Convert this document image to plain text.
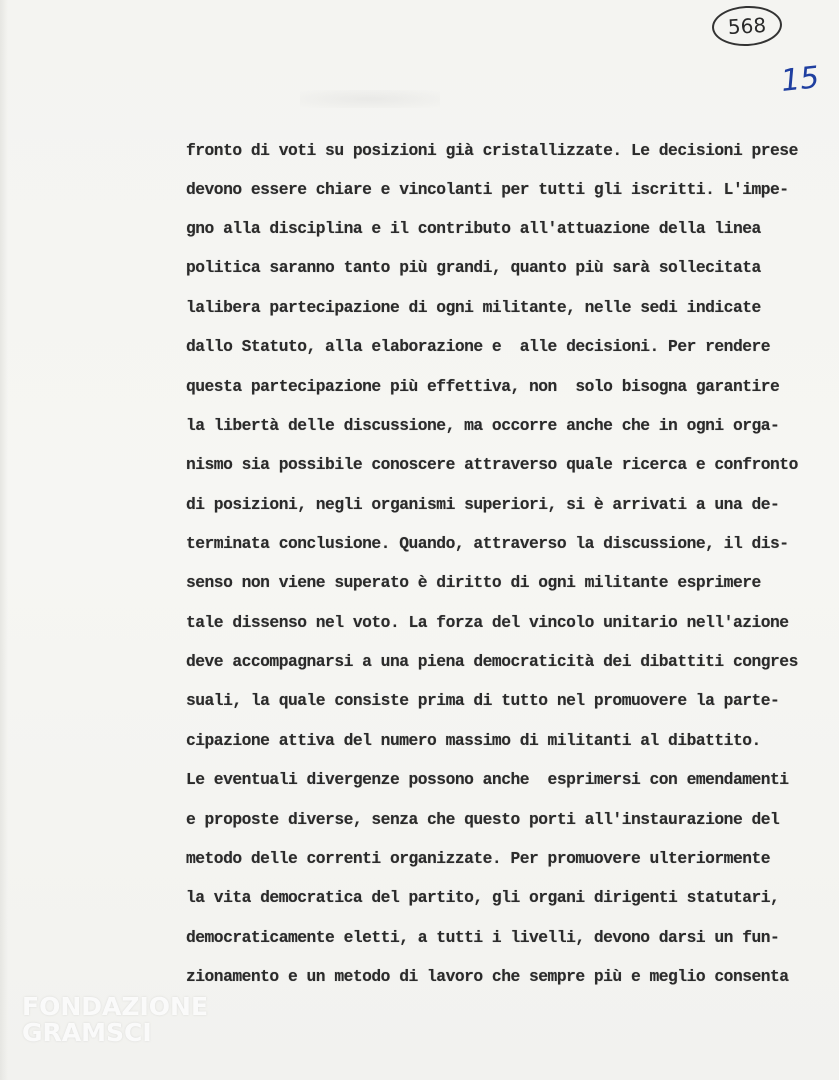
568
15
fronto di voti su posizioni già cristallizzate. Le decisioni prese
devono essere chiare e vincolanti per tutti gli iscritti. L'impe-
gno alla disciplina e il contributo all'attuazione della linea
politica saranno tanto più grandi, quanto più sarà sollecitata
lalibera partecipazione di ogni militante, nelle sedi indicate
dallo Statuto, alla elaborazione e  alle decisioni. Per rendere
questa partecipazione più effettiva, non  solo bisogna garantire
la libertà delle discussione, ma occorre anche che in ogni orga-
nismo sia possibile conoscere attraverso quale ricerca e confronto
di posizioni, negli organismi superiori, si è arrivati a una de-
terminata conclusione. Quando, attraverso la discussione, il dis-
senso non viene superato è diritto di ogni militante esprimere
tale dissenso nel voto. La forza del vincolo unitario nell'azione
deve accompagnarsi a una piena democraticità dei dibattiti congres
suali, la quale consiste prima di tutto nel promuovere la parte-
cipazione attiva del numero massimo di militanti al dibattito.
Le eventuali divergenze possono anche  esprimersi con emendamenti
e proposte diverse, senza che questo porti all'instaurazione del
metodo delle correnti organizzate. Per promuovere ulteriormente
la vita democratica del partito, gli organi dirigenti statutari,
democraticamente eletti, a tutti i livelli, devono darsi un fun-
zionamento e un metodo di lavoro che sempre più e meglio consenta
FONDAZIONE
GRAMSCI
